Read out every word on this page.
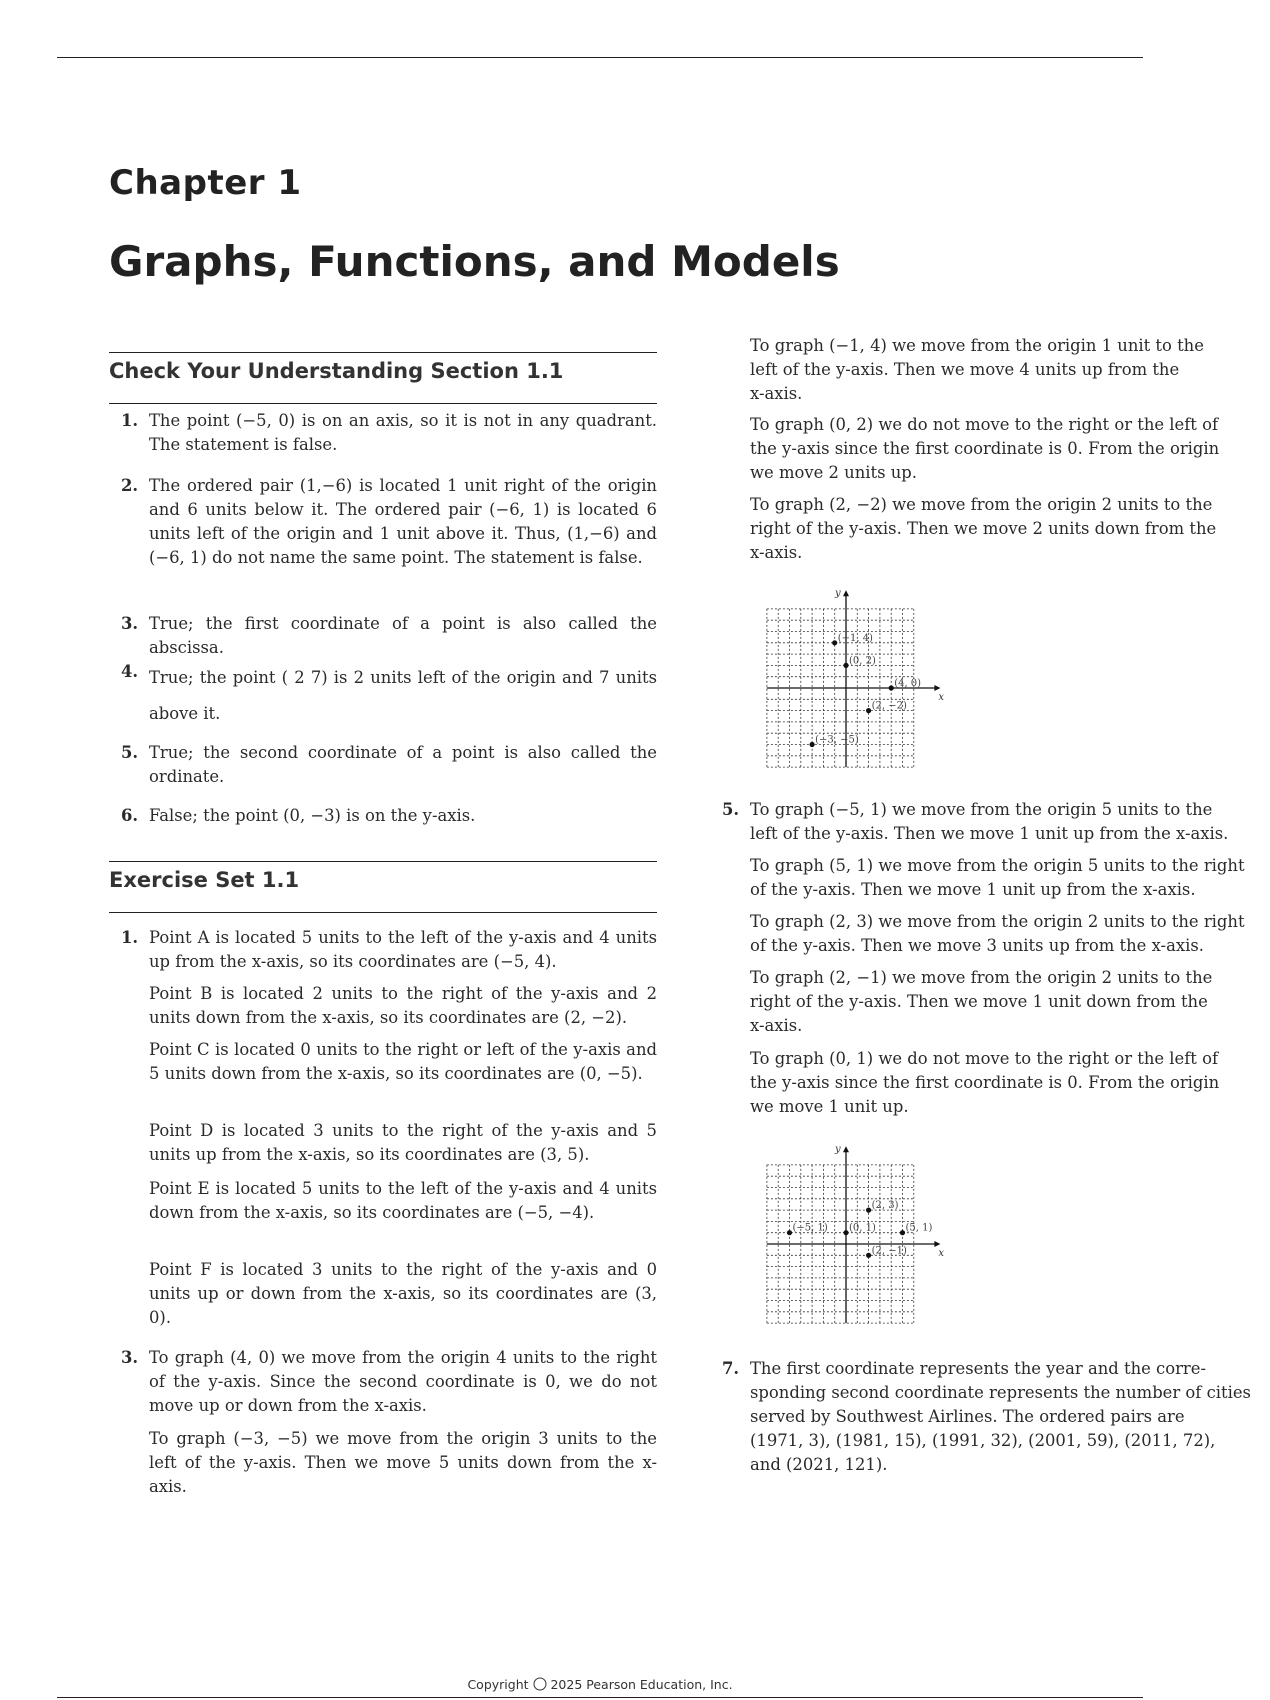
Chapter 1
Graphs, Functions, and Models
Check Your Understanding Section 1.1
1. The point (−5, 0) is on an axis, so it is not in any quadrant. The statement is false.
2. The ordered pair (1,−6) is located 1 unit right of the origin and 6 units below it. The ordered pair (−6, 1) is located 6 units left of the origin and 1 unit above it. Thus, (1,−6) and (−6, 1) do not name the same point. The statement is false.
3. True; the first coordinate of a point is also called the abscissa.
4. True; the point ( 2 7) is 2 units left of the origin and 7 units above it.
5. True; the second coordinate of a point is also called the ordinate.
6. False; the point (0, −3) is on the y-axis.
Exercise Set 1.1
1. Point A is located 5 units to the left of the y-axis and 4 units up from the x-axis, so its coordinates are (−5, 4).
Point B is located 2 units to the right of the y-axis and 2 units down from the x-axis, so its coordinates are (2, −2).
Point C is located 0 units to the right or left of the y-axis and 5 units down from the x-axis, so its coordinates are (0, −5).
Point D is located 3 units to the right of the y-axis and 5 units up from the x-axis, so its coordinates are (3, 5).
Point E is located 5 units to the left of the y-axis and 4 units down from the x-axis, so its coordinates are (−5, −4).
Point F is located 3 units to the right of the y-axis and 0 units up or down from the x-axis, so its coordinates are (3, 0).
3. To graph (4, 0) we move from the origin 4 units to the right of the y-axis. Since the second coordinate is 0, we do not move up or down from the x-axis.
To graph (−3, −5) we move from the origin 3 units to the left of the y-axis. Then we move 5 units down from the x-axis.
To graph (−1, 4) we move from the origin 1 unit to the
left of the y-axis. Then we move 4 units up from the
x-axis.
To graph (0, 2) we do not move to the right or the left of
the y-axis since the first coordinate is 0. From the origin
we move 2 units up.
To graph (2, −2) we move from the origin 2 units to the
right of the y-axis. Then we move 2 units down from the
x-axis.
x
y
(−1, 4)
(0, 2)
(4, 0)
(2, −2)
(−3, −5)
5. To graph (−5, 1) we move from the origin 5 units to the
left of the y-axis. Then we move 1 unit up from the x-axis.
To graph (5, 1) we move from the origin 5 units to the right
of the y-axis. Then we move 1 unit up from the x-axis.
To graph (2, 3) we move from the origin 2 units to the right
of the y-axis. Then we move 3 units up from the x-axis.
To graph (2, −1) we move from the origin 2 units to the
right of the y-axis. Then we move 1 unit down from the
x-axis.
To graph (0, 1) we do not move to the right or the left of
the y-axis since the first coordinate is 0. From the origin
we move 1 unit up.
x
y
(2, 3)
(−5, 1) (0, 1)	(5, 1)
(2, −1)
7. The first coordinate represents the year and the corre-
sponding second coordinate represents the number of cities
served by Southwest Airlines. The ordered pairs are
(1971, 3), (1981, 15), (1991, 32), (2001, 59), (2011, 72),
and (2021, 121).
Copyright 2025 Pearson Education, Inc.
